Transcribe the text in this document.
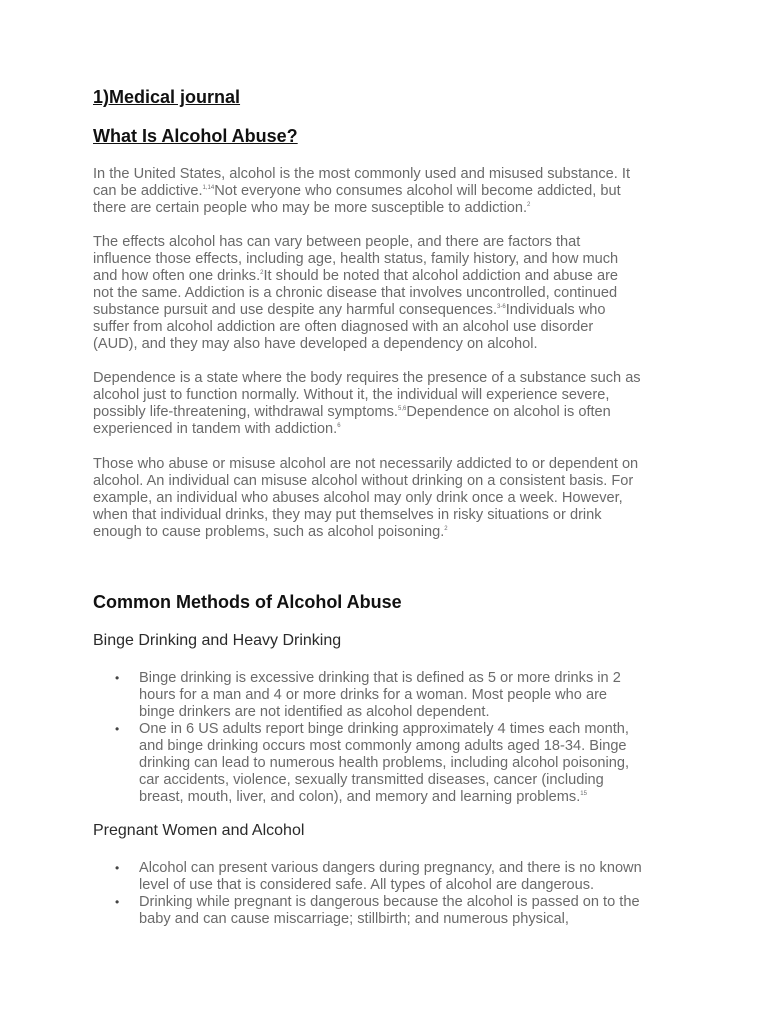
1)Medical journal
What Is Alcohol Abuse?
In the United States, alcohol is the most commonly used and misused substance. It
can be addictive.$^{1,14}$Not everyone who consumes alcohol will become addicted, but
there are certain people who may be more susceptible to addiction.$^2$
The effects alcohol has can vary between people, and there are factors that
influence those effects, including age, health status, family history, and how much
and how often one drinks.$^2$It should be noted that alcohol addiction and abuse are
not the same. Addiction is a chronic disease that involves uncontrolled, continued
substance pursuit and use despite any harmful consequences.$^{3-6}$Individuals who
suffer from alcohol addiction are often diagnosed with an alcohol use disorder
(AUD), and they may also have developed a dependency on alcohol.
Dependence is a state where the body requires the presence of a substance such as
alcohol just to function normally. Without it, the individual will experience severe,
possibly life-threatening, withdrawal symptoms.$^{5,6}$Dependence on alcohol is often
experienced in tandem with addiction.$^6$
Those who abuse or misuse alcohol are not necessarily addicted to or dependent on
alcohol. An individual can misuse alcohol without drinking on a consistent basis. For
example, an individual who abuses alcohol may only drink once a week. However,
when that individual drinks, they may put themselves in risky situations or drink
enough to cause problems, such as alcohol poisoning.$^2$
Common Methods of Alcohol Abuse
Binge Drinking and Heavy Drinking
• Binge drinking is excessive drinking that is defined as 5 or more drinks in 2
hours for a man and 4 or more drinks for a woman. Most people who are
binge drinkers are not identified as alcohol dependent.
• One in 6 US adults report binge drinking approximately 4 times each month,
and binge drinking occurs most commonly among adults aged 18-34. Binge
drinking can lead to numerous health problems, including alcohol poisoning,
car accidents, violence, sexually transmitted diseases, cancer (including
breast, mouth, liver, and colon), and memory and learning problems.$^{15}$
Pregnant Women and Alcohol
• Alcohol can present various dangers during pregnancy, and there is no known
level of use that is considered safe. All types of alcohol are dangerous.
• Drinking while pregnant is dangerous because the alcohol is passed on to the
baby and can cause miscarriage; stillbirth; and numerous physical,
